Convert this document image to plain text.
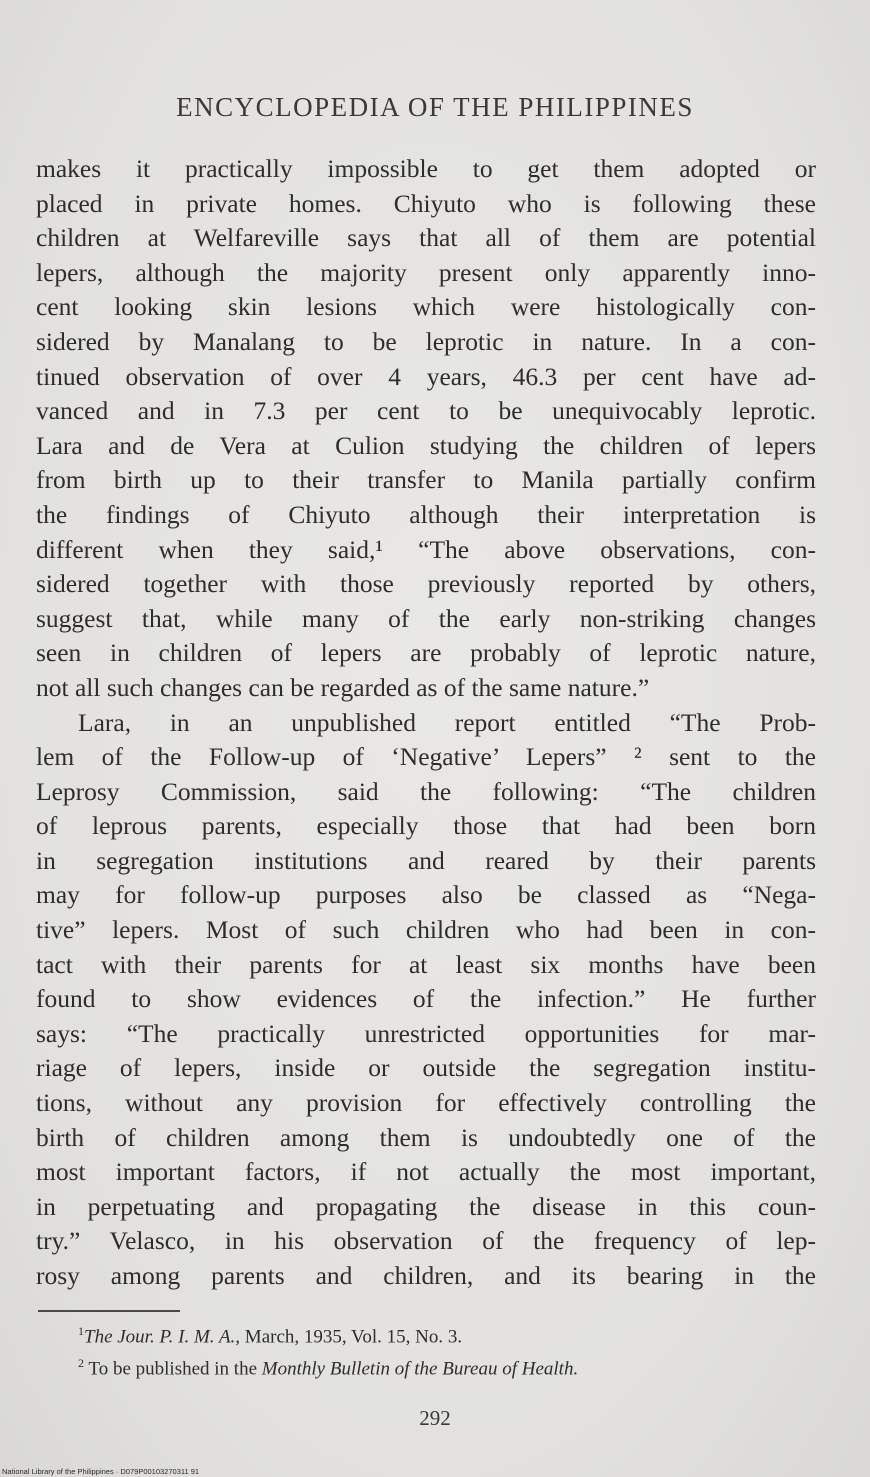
ENCYCLOPEDIA OF THE PHILIPPINES
makes it practically impossible to get them adopted or
placed in private homes. Chiyuto who is following these
children at Welfareville says that all of them are potential
lepers, although the majority present only apparently inno-
cent looking skin lesions which were histologically con-
sidered by Manalang to be leprotic in nature. In a con-
tinued observation of over 4 years, 46.3 per cent have ad-
vanced and in 7.3 per cent to be unequivocably leprotic.
Lara and de Vera at Culion studying the children of lepers
from birth up to their transfer to Manila partially confirm
the findings of Chiyuto although their interpretation is
different when they said,¹ “The above observations, con-
sidered together with those previously reported by others,
suggest that, while many of the early non-striking changes
seen in children of lepers are probably of leprotic nature,
not all such changes can be regarded as of the same nature.”
Lara, in an unpublished report entitled “The Prob-
lem of the Follow-up of ‘Negative’ Lepers” ² sent to the
Leprosy Commission, said the following: “The children
of leprous parents, especially those that had been born
in segregation institutions and reared by their parents
may for follow-up purposes also be classed as “Nega-
tive” lepers. Most of such children who had been in con-
tact with their parents for at least six months have been
found to show evidences of the infection.” He further
says: “The practically unrestricted opportunities for mar-
riage of lepers, inside or outside the segregation institu-
tions, without any provision for effectively controlling the
birth of children among them is undoubtedly one of the
most important factors, if not actually the most important,
in perpetuating and propagating the disease in this coun-
try.” Velasco, in his observation of the frequency of lep-
rosy among parents and children, and its bearing in the
$^1$The Jour. P. I. M. A., March, 1935, Vol. 15, No. 3.
$^2$ To be published in the Monthly Bulletin of the Bureau of Health.
292
National Library of the Philippines · D079P00103270311 91
